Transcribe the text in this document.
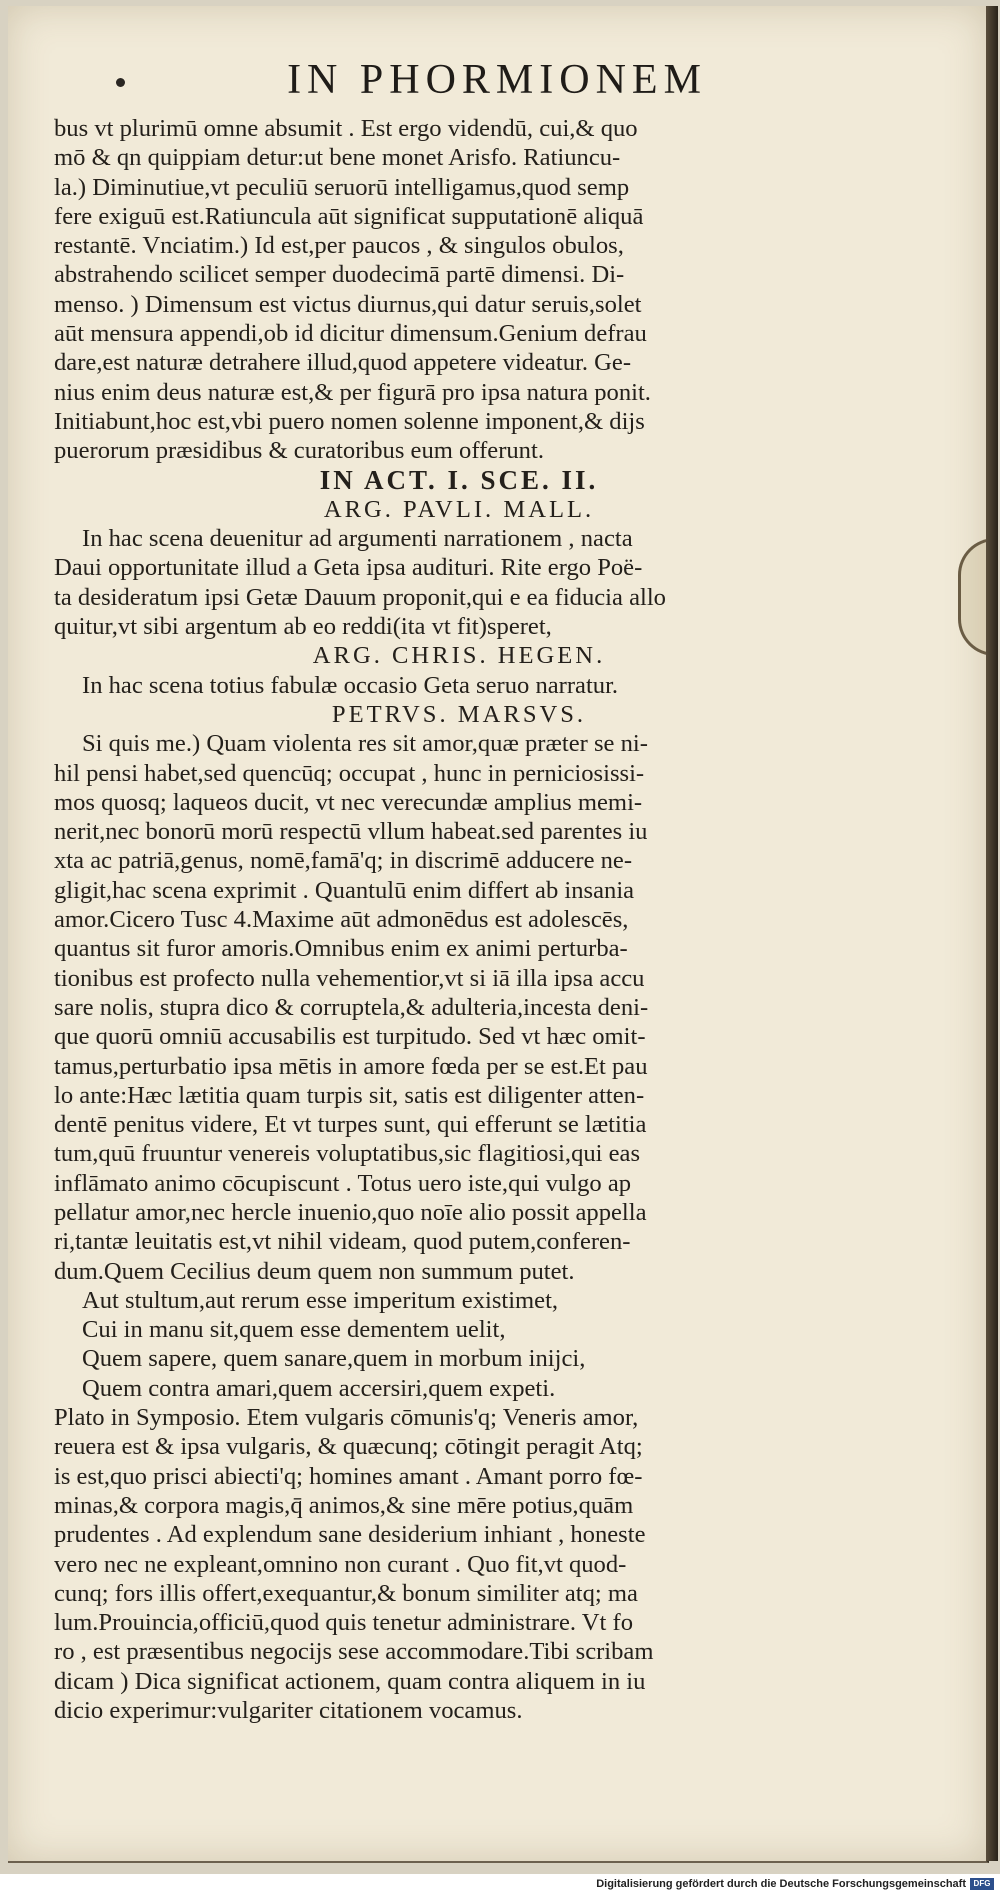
IN PHORMIONEM
bus vt plurimū omne absumit . Est ergo videndū, cui,& quo
mō & qn quippiam detur:ut bene monet Arisfo. Ratiuncu-
la.) Diminutiue,vt peculiū seruorū intelligamus,quod semp
fere exiguū est.Ratiuncula aūt significat supputationē aliquā
restantē. Vnciatim.) Id est,per paucos , & singulos obulos,
abstrahendo scilicet semper duodecimā partē dimensi. Di-
menso. ) Dimensum est victus diurnus,qui datur seruis,solet
aūt mensura appendi,ob id dicitur dimensum.Genium defrau
dare,est naturæ detrahere illud,quod appetere videatur. Ge-
nius enim deus naturæ est,& per figurā pro ipsa natura ponit.
Initiabunt,hoc est,vbi puero nomen solenne imponent,& dijs
puerorum præsidibus & curatoribus eum offerunt.
IN ACT. I. SCE. II.
ARG. PAVLI. MALL.
In hac scena deuenitur ad argumenti narrationem , nacta
Daui opportunitate illud a Geta ipsa audituri. Rite ergo Poë-
ta desideratum ipsi Getæ Dauum proponit,qui e ea fiducia allo
quitur,vt sibi argentum ab eo reddi(ita vt fit)speret,
ARG. CHRIS. HEGEN.
In hac scena totius fabulæ occasio Geta seruo narratur.
PETRVS. MARSVS.
Si quis me.) Quam violenta res sit amor,quæ præter se ni-
hil pensi habet,sed quencūq; occupat , hunc in perniciosissi-
mos quosq; laqueos ducit, vt nec verecundæ amplius memi-
nerit,nec bonorū morū respectū vllum habeat.sed parentes iu
xta ac patriā,genus, nomē,famā'q; in discrimē adducere ne-
gligit,hac scena exprimit . Quantulū enim differt ab insania
amor.Cicero Tusc 4.Maxime aūt admonēdus est adolescēs,
quantus sit furor amoris.Omnibus enim ex animi perturba-
tionibus est profecto nulla vehementior,vt si iā illa ipsa accu
sare nolis, stupra dico & corruptela,& adulteria,incesta deni-
que quorū omniū accusabilis est turpitudo. Sed vt hæc omit-
tamus,perturbatio ipsa mētis in amore fœda per se est.Et pau
lo ante:Hæc lætitia quam turpis sit, satis est diligenter atten-
dentē penitus videre, Et vt turpes sunt, qui efferunt se lætitia
tum,quū fruuntur venereis voluptatibus,sic flagitiosi,qui eas
inflāmato animo cōcupiscunt . Totus uero iste,qui vulgo ap
pellatur amor,nec hercle inuenio,quo noīe alio possit appella
ri,tantæ leuitatis est,vt nihil videam, quod putem,conferen-
dum.Quem Cecilius deum quem non summum putet.
Aut stultum,aut rerum esse imperitum existimet,
Cui in manu sit,quem esse dementem uelit,
Quem sapere, quem sanare,quem in morbum inijci,
Quem contra amari,quem accersiri,quem expeti.
Plato in Symposio. Etem vulgaris cōmunis'q; Veneris amor,
reuera est & ipsa vulgaris, & quæcunq; cōtingit peragit Atq;
is est,quo prisci abiecti'q; homines amant . Amant porro fœ-
minas,& corpora magis,q̄ animos,& sine mēre potius,quām
prudentes . Ad explendum sane desiderium inhiant , honeste
vero nec ne expleant,omnino non curant . Quo fit,vt quod-
cunq; fors illis offert,exequantur,& bonum similiter atq; ma
lum.Prouincia,officiū,quod quis tenetur administrare. Vt fo
ro , est præsentibus negocijs sese accommodare.Tibi scribam
dicam ) Dica significat actionem, quam contra aliquem in iu
dicio experimur:vulgariter citationem vocamus.
Digitalisierung gefördert durch die Deutsche Forschungsgemeinschaft DFG
